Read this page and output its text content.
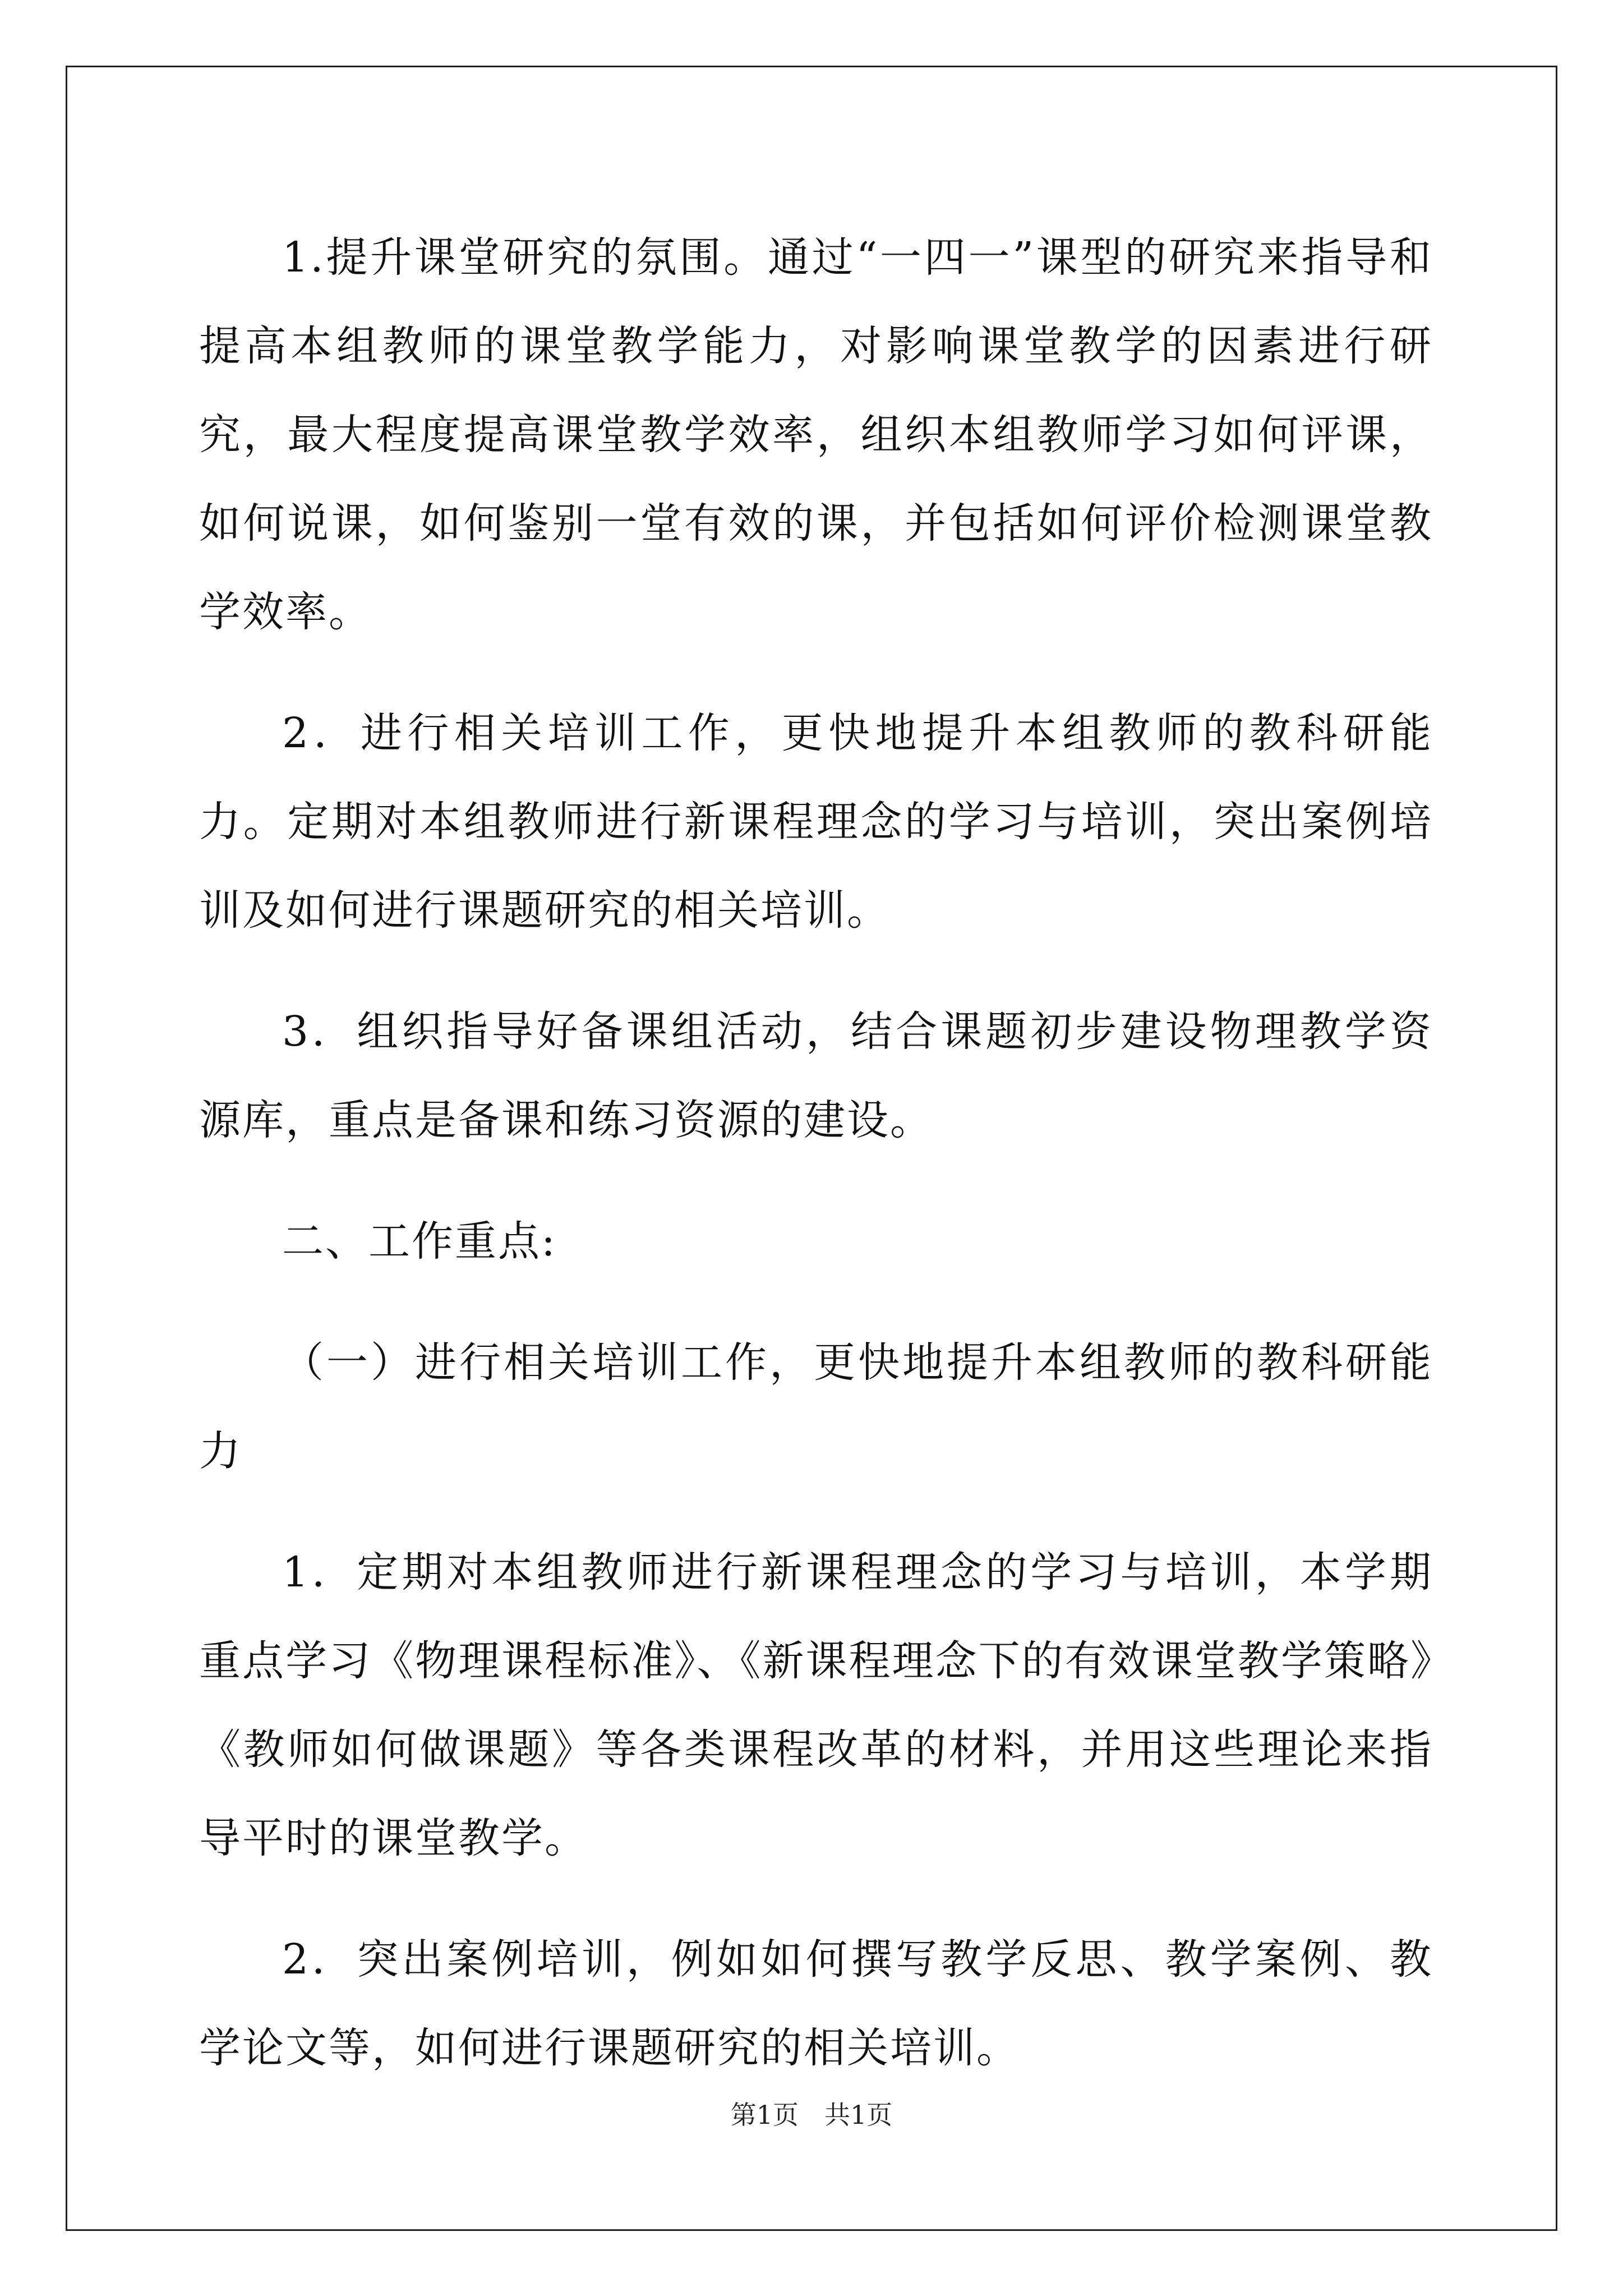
1.提升课堂研究的氛围。通过“一四一”课型的研究来指导和提高本组教师的课堂教学能力，对影响课堂教学的因素进行研究，最大程度提高课堂教学效率，组织本组教师学习如何评课，如何说课，如何鉴别一堂有效的课，并包括如何评价检测课堂教学效率。

2．进行相关培训工作，更快地提升本组教师的教科研能力。定期对本组教师进行新课程理念的学习与培训，突出案例培训及如何进行课题研究的相关培训。

3．组织指导好备课组活动，结合课题初步建设物理教学资源库，重点是备课和练习资源的建设。

二、工作重点:

（一）进行相关培训工作，更快地提升本组教师的教科研能力

1．定期对本组教师进行新课程理念的学习与培训，本学期重点学习《物理课程标准》、《新课程理念下的有效课堂教学策略》《教师如何做课题》等各类课程改革的材料，并用这些理论来指导平时的课堂教学。

2．突出案例培训，例如如何撰写教学反思、教学案例、教学论文等，如何进行课题研究的相关培训。

第1页 共1页
